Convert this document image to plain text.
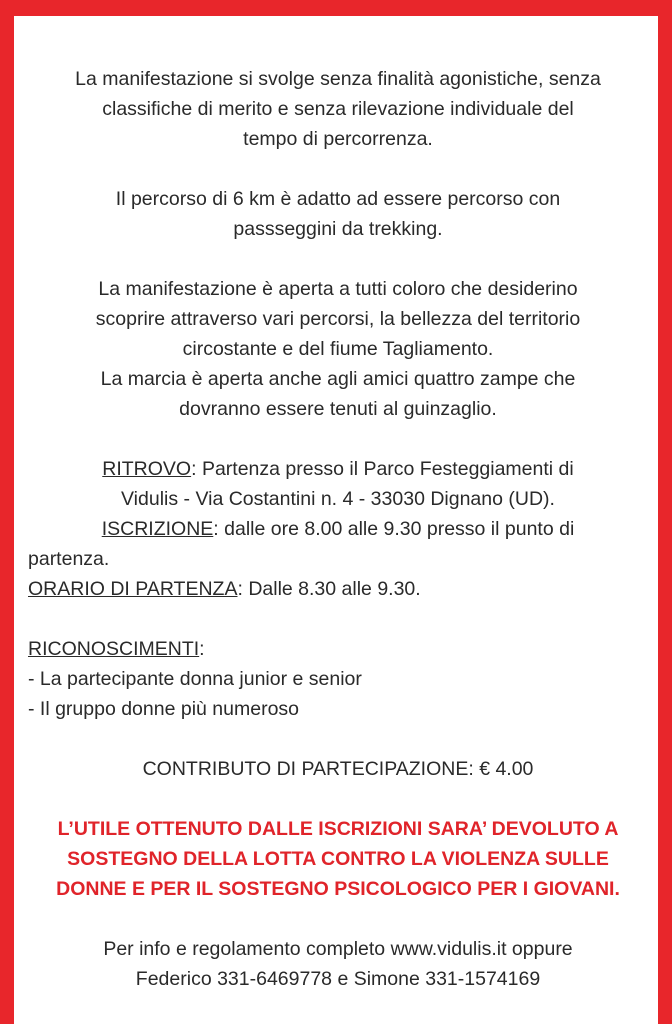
La manifestazione si svolge senza finalità agonistiche, senza
classifiche di merito e senza rilevazione individuale del
tempo di percorrenza.
Il percorso di 6 km è adatto ad essere percorso con
passseggini da trekking.
La manifestazione è aperta a tutti coloro che desiderino
scoprire attraverso vari percorsi, la bellezza del territorio
circostante e del fiume Tagliamento.
La marcia è aperta anche agli amici quattro zampe che
dovranno essere tenuti al guinzaglio.
RITROVO: Partenza presso il Parco Festeggiamenti di
Vidulis - Via Costantini n. 4 - 33030 Dignano (UD).
ISCRIZIONE: dalle ore 8.00 alle 9.30 presso il punto di
partenza.
ORARIO DI PARTENZA: Dalle 8.30 alle 9.30.
RICONOSCIMENTI:
- La partecipante donna junior e senior
- Il gruppo donne più numeroso
CONTRIBUTO DI PARTECIPAZIONE: € 4.00
L’UTILE OTTENUTO DALLE ISCRIZIONI SARA’ DEVOLUTO A
SOSTEGNO DELLA LOTTA CONTRO LA VIOLENZA SULLE
DONNE E PER IL SOSTEGNO PSICOLOGICO PER I GIOVANI.
Per info e regolamento completo www.vidulis.it oppure
Federico 331-6469778 e Simone 331-1574169
